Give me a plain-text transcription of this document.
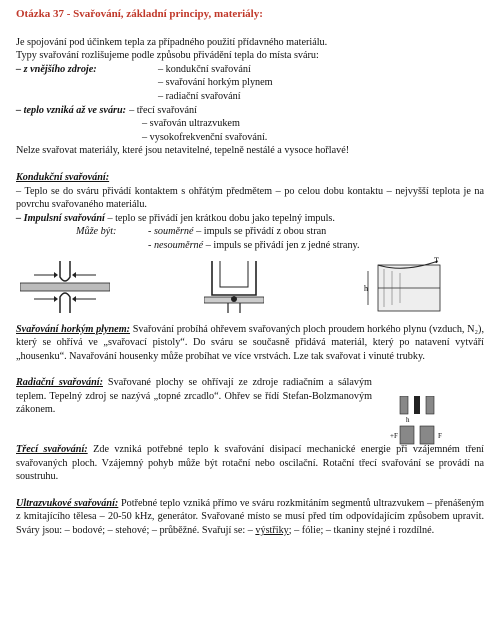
Otázka 37 - Svařování, základní principy, materiály:

Je spojování pod účinkem tepla za případného použití přídavného materiálu.

Typy svařování rozlišujeme podle způsobu přivádění tepla do místa sváru:

– z vnějšího zdroje:	– kondukční svařování

– svařování horkým plynem

– radiační svařování

– teplo vzniká až ve sváru: – třecí svařování

– svařován ultrazvukem

– vysokofrekvenční svařování.

Nelze svařovat materiály, které jsou netavitelné, tepelně nestálé a vysoce hořlavé!

Kondukční svařování:

– Teplo se do sváru přivádí kontaktem s ohřátým předmětem – po celou dobu kontaktu – nejvyšší teplota je na povrchu svařovaného materiálu.

– Impulsní svařování – teplo se přivádí jen krátkou dobu jako tepelný impuls.

Může být:	- souměrné – impuls se přivádí z obou stran
- nesouměrné – impuls se přivádí jen z jedné strany.
h
T

Svařování horkým plynem: Svařování probíhá ohřevem svařovaných ploch proudem horkého plynu (vzduch, N₂), který se ohřívá ve „svařovací pistoly“. Do sváru se současně přidává materiál, který po natavení vytváří „housenku“. Navařování housenky může probíhat ve více vrstvách. Lze tak svařovat i vinuté trubky.

Radiační svařování: Svařované plochy se ohřívají ze zdroje radiačním a sálavým teplem. Tepelný zdroj se nazývá „topné zrcadlo“. Ohřev se řídí Stefan-Bolzmanovým zákonem.

h
+F	F

Třecí svařování: Zde vzniká potřebné teplo k svařování disipací mechanické energie při vzájemném tření svařovaných ploch. Vzájemný pohyb může být rotační nebo oscilační. Rotační třecí svařování se provádí na soustruhu.

Ultrazvukové svařování: Potřebné teplo vzniká přímo ve sváru rozkmitáním segmentů ultrazvukem – přenášeným z kmitajícího tělesa – 20-50 kHz, generátor. Svařované místo se musí před tím odpovídajícím způsobem upravit. Sváry jsou: – bodové; – stehové; – průběžné. Svařují se: – výstřiky; – fólie; – tkaniny stejné i rozdílné.
